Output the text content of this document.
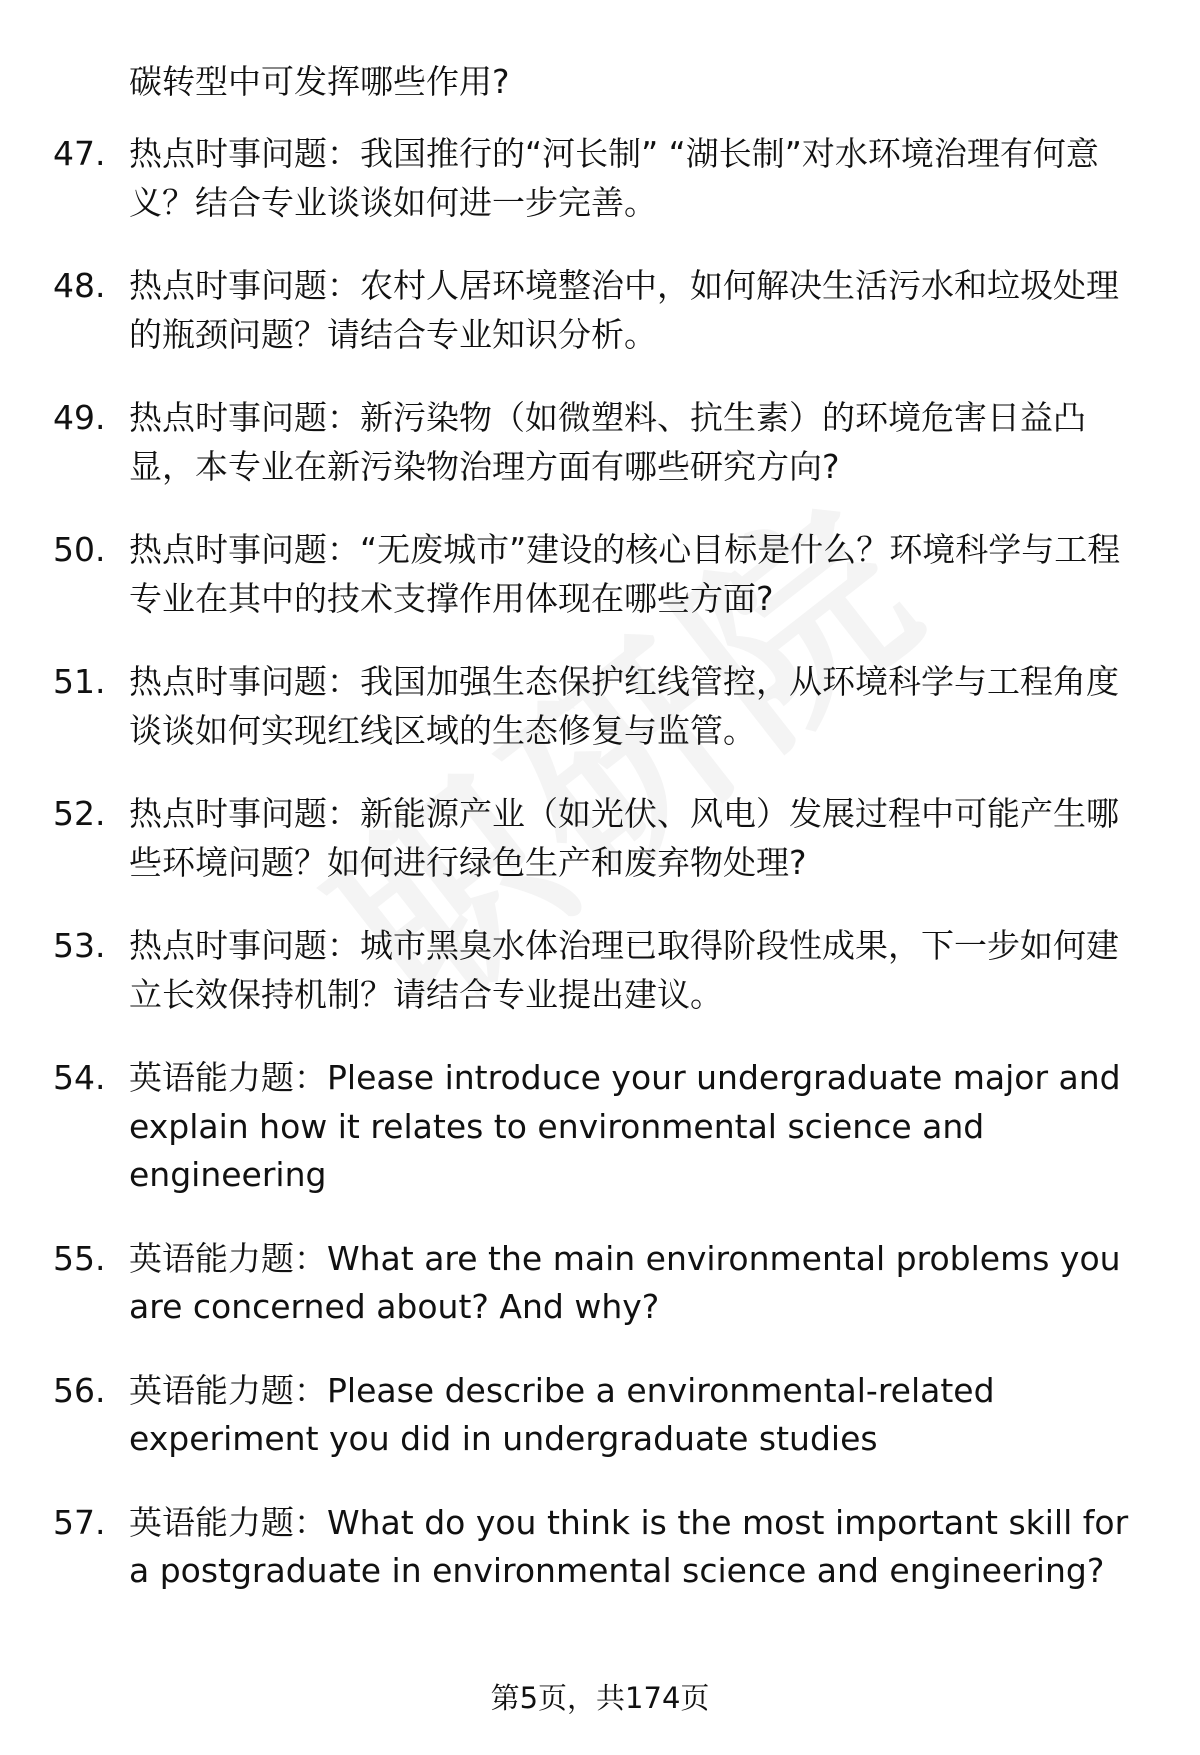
碳转型中可发挥哪些作用?
47. 热点时事问题：我国推行的“河长制” “湖长制”对水环境治理有何意义？结合专业谈谈如何进一步完善。
48. 热点时事问题：农村人居环境整治中，如何解决生活污水和垃圾处理的瓶颈问题？请结合专业知识分析。
49. 热点时事问题：新污染物（如微塑料、抗生素）的环境危害日益凸显，本专业在新污染物治理方面有哪些研究方向?
50. 热点时事问题：“无废城市”建设的核心目标是什么？环境科学与工程专业在其中的技术支撑作用体现在哪些方面?
51. 热点时事问题：我国加强生态保护红线管控，从环境科学与工程角度谈谈如何实现红线区域的生态修复与监管。
52. 热点时事问题：新能源产业（如光伏、风电）发展过程中可能产生哪些环境问题？如何进行绿色生产和废弃物处理?
53. 热点时事问题：城市黑臭水体治理已取得阶段性成果，下一步如何建立长效保持机制？请结合专业提出建议。
54. 英语能力题：Please introduce your undergraduate major and explain how it relates to environmental science and engineering
55. 英语能力题：What are the main environmental problems you are concerned about? And why?
56. 英语能力题：Please describe a environmental-related experiment you did in undergraduate studies
57. 英语能力题：What do you think is the most important skill for a postgraduate in environmental science and engineering?
第5页，共174页
